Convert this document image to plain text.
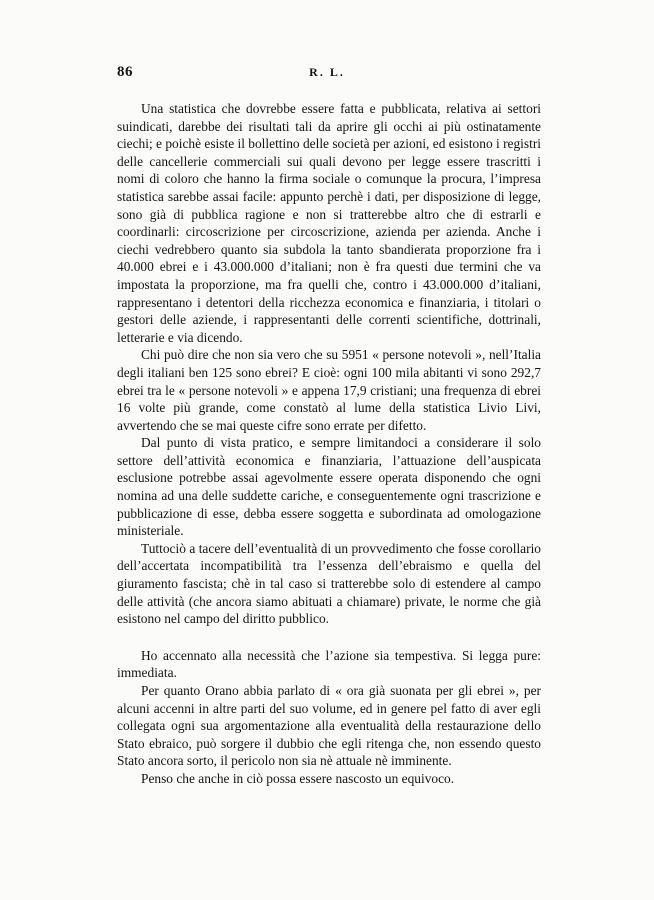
86	R. L.

Una statistica che dovrebbe essere fatta e pubblicata, relativa ai settori suindicati, darebbe dei risultati tali da aprire gli occhi ai più ostinatamente ciechi; e poichè esiste il bollettino delle società per azioni, ed esistono i registri delle cancellerie commerciali sui quali devono per legge essere trascritti i nomi di coloro che hanno la firma sociale o comunque la procura, l’impresa statistica sarebbe assai facile: appunto perchè i dati, per disposizione di legge, sono già di pubblica ragione e non si tratterebbe altro che di estrarli e coordinarli: circoscrizione per circoscrizione, azienda per azienda. Anche i ciechi vedrebbero quanto sia subdola la tanto sbandierata proporzione fra i 40.000 ebrei e i 43.000.000 d’italiani; non è fra questi due termini che va impostata la proporzione, ma fra quelli che, contro i 43.000.000 d’italiani, rappresentano i detentori della ricchezza economica e finanziaria, i titolari o gestori delle aziende, i rappresentanti delle correnti scientifiche, dottrinali, letterarie e via dicendo.

Chi può dire che non sia vero che su 5951 « persone notevoli », nell’Italia degli italiani ben 125 sono ebrei? E cioè: ogni 100 mila abitanti vi sono 292,7 ebrei tra le « persone notevoli » e appena 17,9 cristiani; una frequenza di ebrei 16 volte più grande, come constatò al lume della statistica Livio Livi, avvertendo che se mai queste cifre sono errate per difetto.

Dal punto di vista pratico, e sempre limitandoci a considerare il solo settore dell’attività economica e finanziaria, l’attuazione dell’auspicata esclusione potrebbe assai agevolmente essere operata disponendo che ogni nomina ad una delle suddette cariche, e conseguentemente ogni trascrizione e pubblicazione di esse, debba essere soggetta e subordinata ad omologazione ministeriale.

Tuttociò a tacere dell’eventualità di un provvedimento che fosse corollario dell’accertata incompatibilità tra l’essenza dell’ebraismo e quella del giuramento fascista; chè in tal caso si tratterebbe solo di estendere al campo delle attività (che ancora siamo abituati a chiamare) private, le norme che già esistono nel campo del diritto pubblico.

Ho accennato alla necessità che l’azione sia tempestiva. Si legga pure: immediata.

Per quanto Orano abbia parlato di « ora già suonata per gli ebrei », per alcuni accenni in altre parti del suo volume, ed in genere pel fatto di aver egli collegata ogni sua argomentazione alla eventualità della restaurazione dello Stato ebraico, può sorgere il dubbio che egli ritenga che, non essendo questo Stato ancora sorto, il pericolo non sia nè attuale nè imminente.

Penso che anche in ciò possa essere nascosto un equivoco.
